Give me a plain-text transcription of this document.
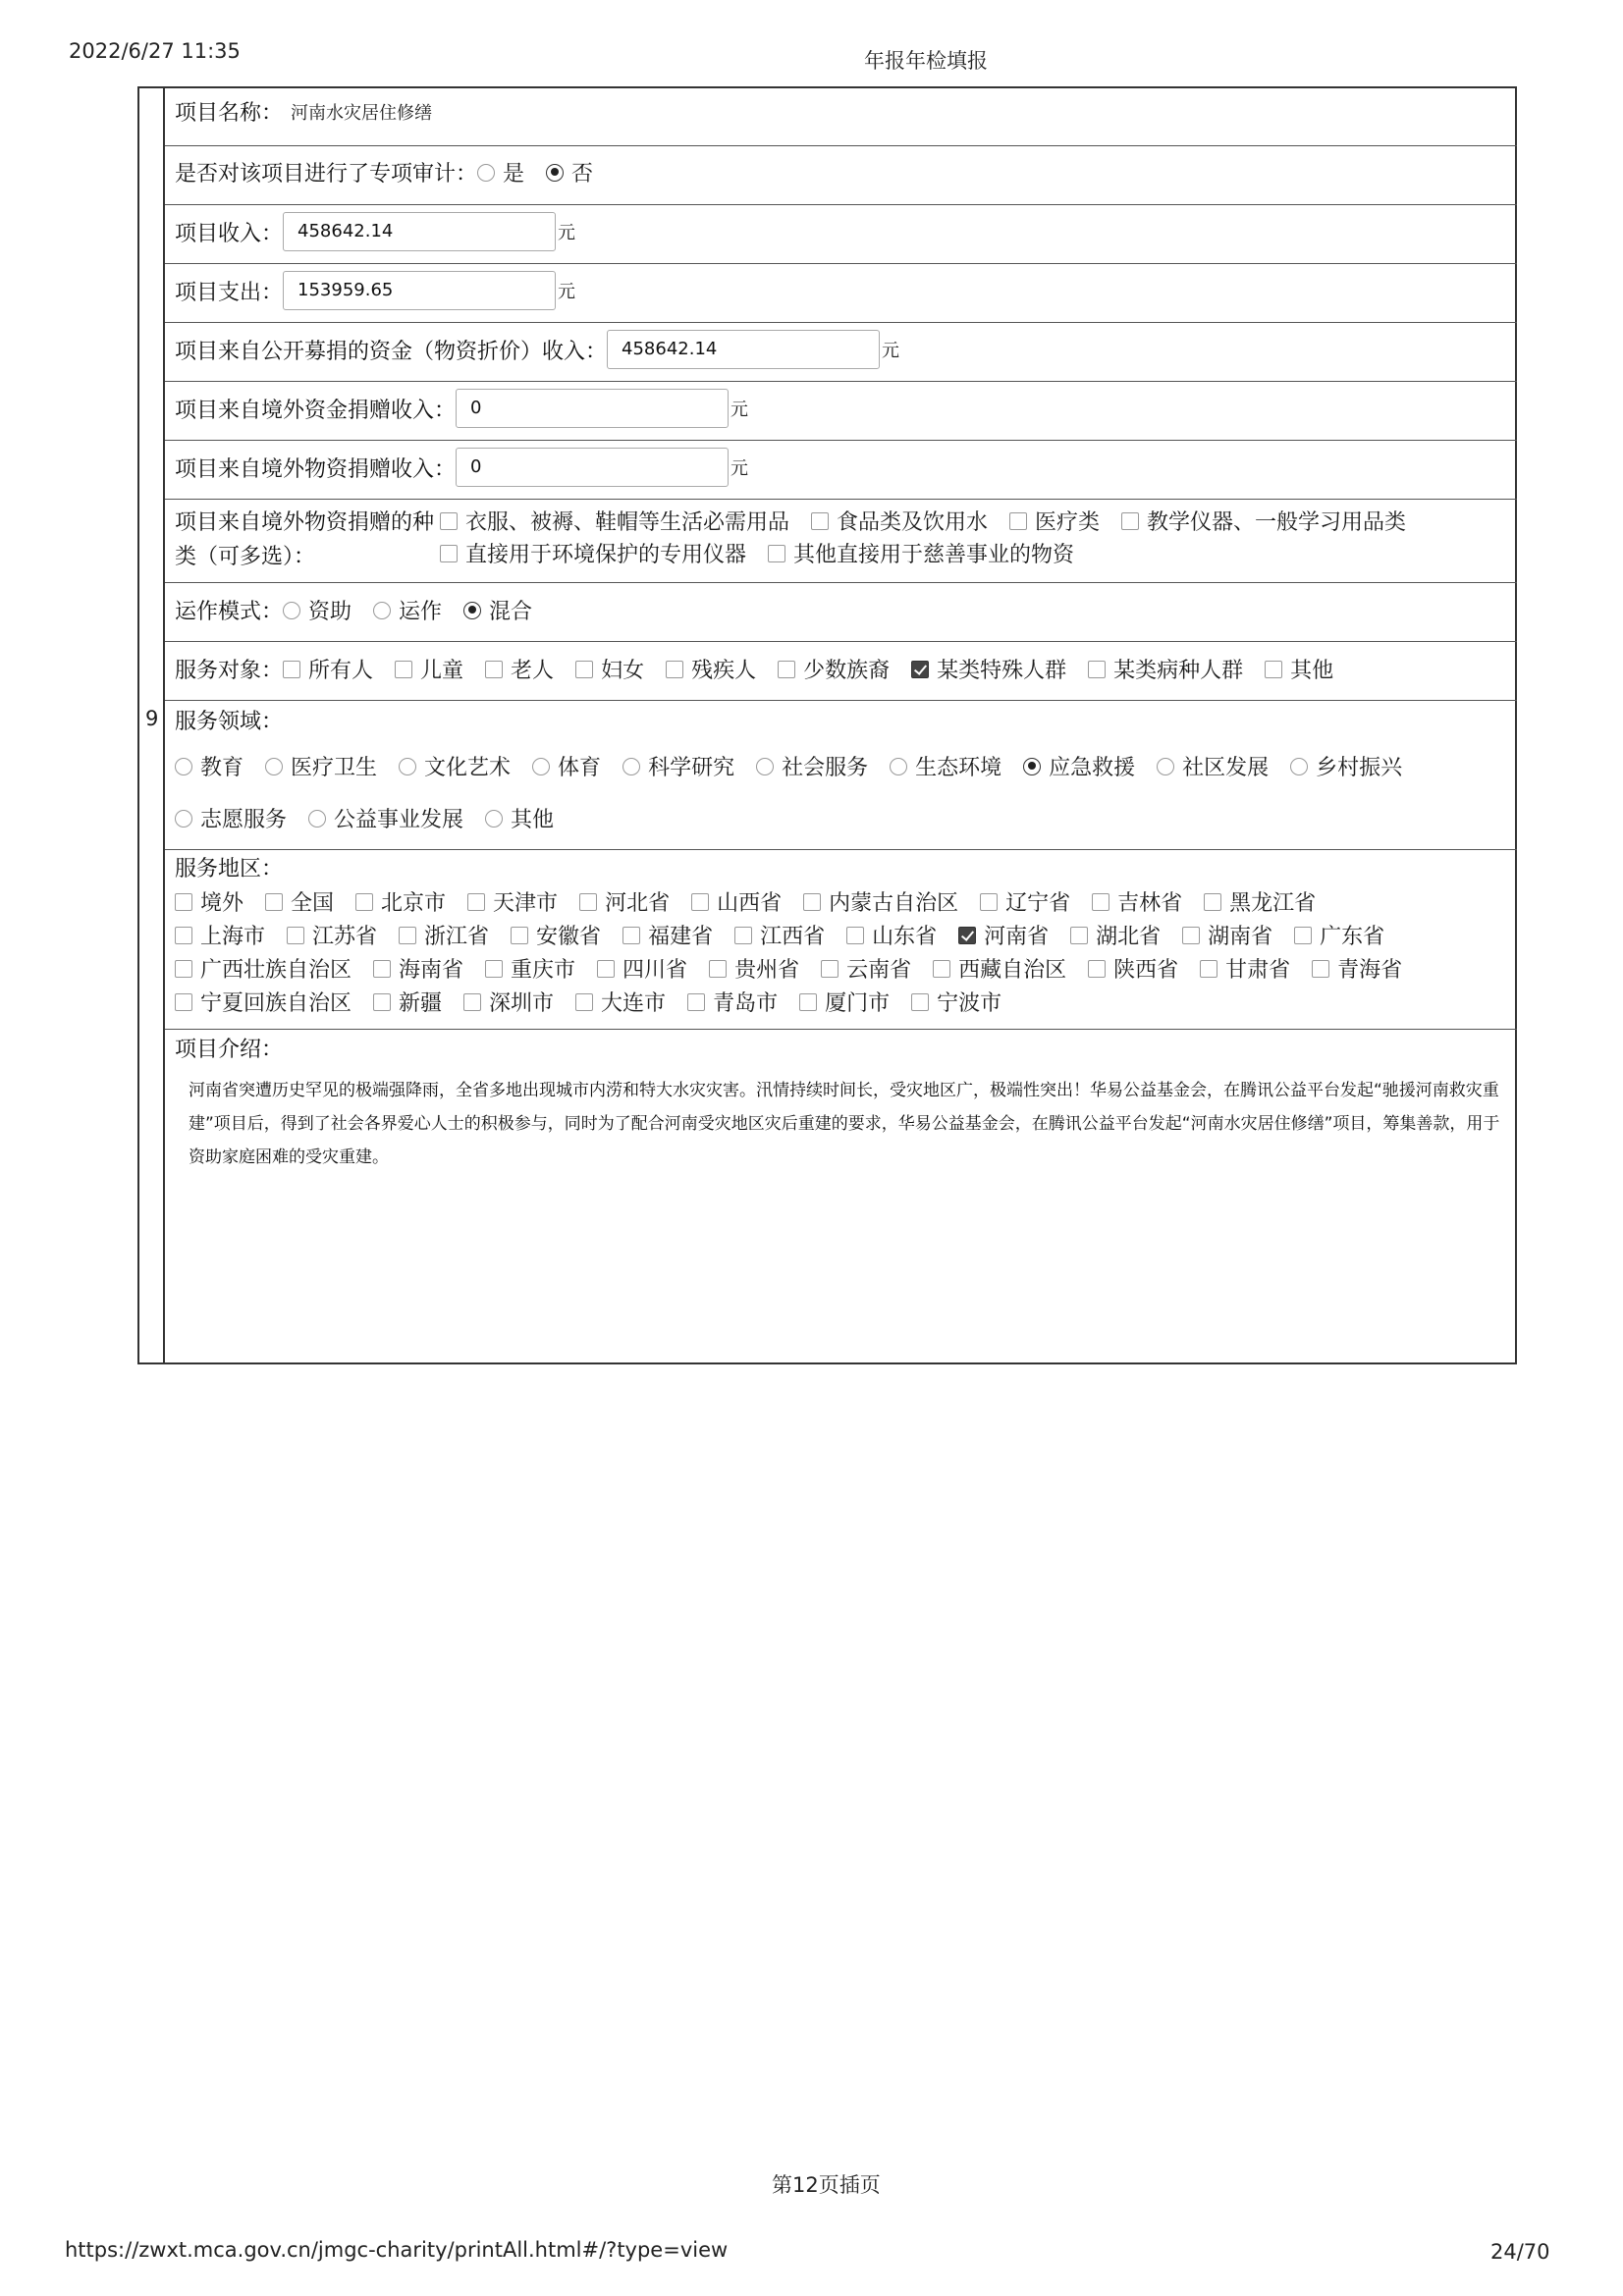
2022/6/27 11:35	年报年检填报
9
项目名称： 河南水灾居住修缮
是否对该项目进行了专项审计： 是 否
项目收入： 458642.14	元
项目支出： 153959.65	元
项目来自公开募捐的资金（物资折价）收入： 458642.14	元
项目来自境外资金捐赠收入： 0	元
项目来自境外物资捐赠收入： 0	元
项目来自境外物资捐赠的种
类（可多选）：
衣服、被褥、鞋帽等生活必需用品 食品类及饮用水 医疗类 教学仪器、一般学习用品类
直接用于环境保护的专用仪器 其他直接用于慈善事业的物资
运作模式： 资助 运作 混合
服务对象： 所有人 儿童 老人 妇女 残疾人 少数族裔 某类特殊人群 某类病种人群 其他
服务领域：
教育 医疗卫生 文化艺术 体育 科学研究 社会服务 生态环境 应急救援 社区发展 乡村振兴
志愿服务 公益事业发展 其他
服务地区：
境外 全国 北京市 天津市 河北省 山西省 内蒙古自治区 辽宁省 吉林省 黑龙江省
上海市 江苏省 浙江省 安徽省 福建省 江西省 山东省 河南省 湖北省 湖南省 广东省
广西壮族自治区 海南省 重庆市 四川省 贵州省 云南省 西藏自治区 陕西省 甘肃省 青海省
宁夏回族自治区 新疆 深圳市 大连市 青岛市 厦门市 宁波市
项目介绍：
河南省突遭历史罕见的极端强降雨，全省多地出现城市内涝和特大水灾灾害。汛情持续时间长，受灾地区广，极端性突出！华易公益基金会，在腾讯公益平台发起“驰援河南救灾重建”项目后，得到了社会各界爱心人士的积极参与，同时为了配合河南受灾地区灾后重建的要求，华易公益基金会，在腾讯公益平台发起“河南水灾居住修缮”项目，筹集善款，用于资助家庭困难的受灾重建。
第12页插页
https://zwxt.mca.gov.cn/jmgc-charity/printAll.html#/?type=view	24/70
